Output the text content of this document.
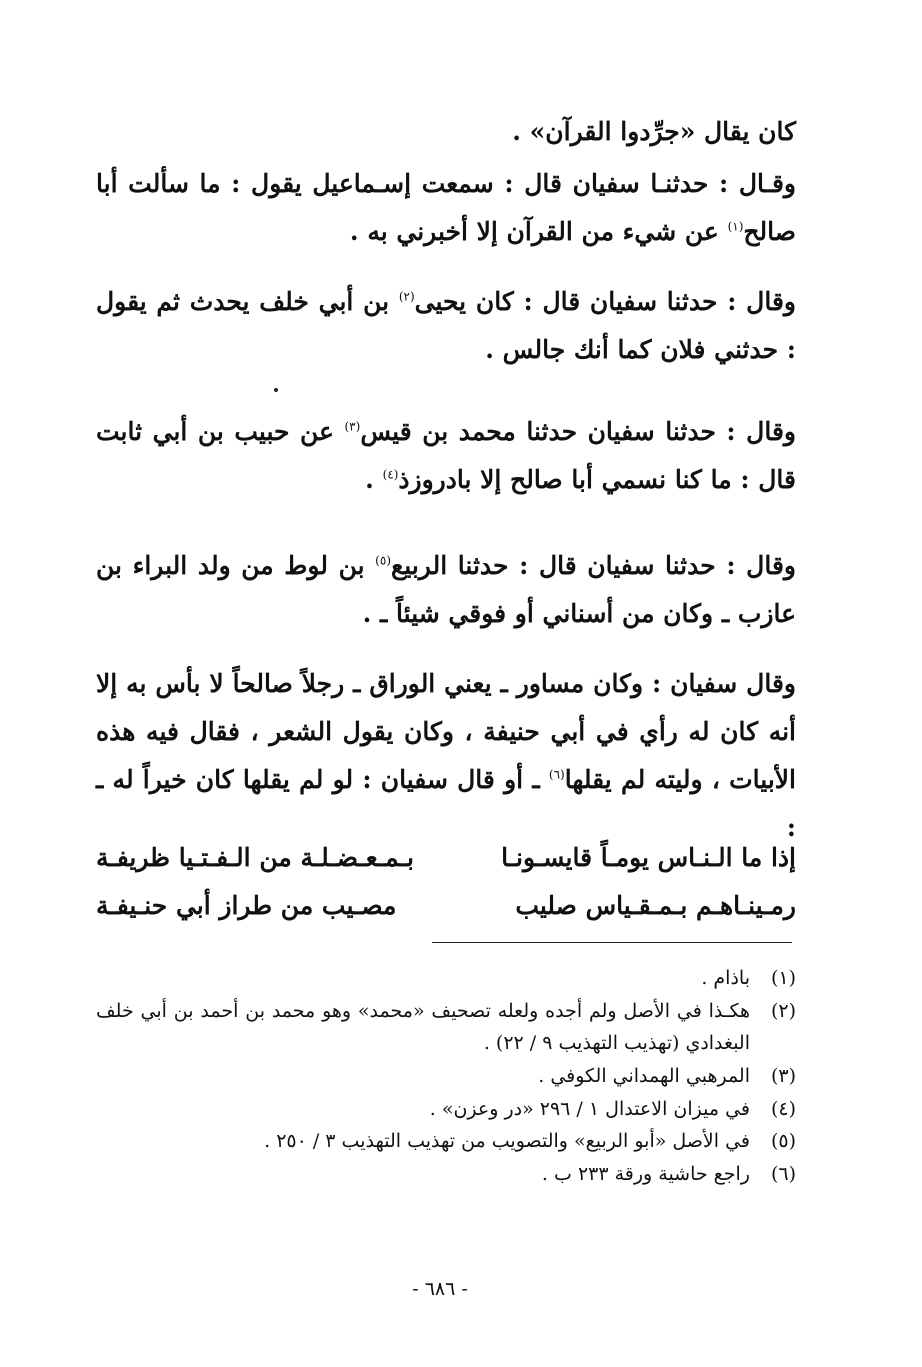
كان يقال «جرِّدوا القرآن» .

وقـال : حدثنـا سفيان قال : سمعت إسـماعيل يقول : ما سألت أبا صالح$^{(١)}$ عن شيء من القرآن إلا أخبرني به .

وقال : حدثنا سفيان قال : كان يحيى$^{(٢)}$ بن أبي خلف يحدث ثم يقول : حدثني فلان كما أنك جالس .

وقال : حدثنا سفيان حدثنا محمد بن قيس$^{(٣)}$ عن حبيب بن أبي ثابت قال : ما كنا نسمي أبا صالح إلا بادروزذ$^{(٤)}$ .

وقال : حدثنا سفيان قال : حدثنا الربيع$^{(٥)}$ بن لوط من ولد البراء بن عازب ـ وكان من أسناني أو فوقي شيئاً ـ .

وقال سفيان : وكان مساور ـ يعني الوراق ـ رجلاً صالحاً لا بأس به إلا أنه كان له رأي في أبي حنيفة ، وكان يقول الشعر ، فقال فيه هذه الأبيات ، وليته لم يقلها$^{(٦)}$ ـ أو قال سفيان : لو لم يقلها كان خيراً له ـ :

إذا ما الـنـاس يومـاً قايسـونـا
بـمـعـضـلـة من الـفـتـيا ظريفـة
رمـينـاهـم بـمـقـياس صليب
مصـيب من طراز أبي حنـيفـة
(١)
باذام .
(٢)
هكـذا في الأصل ولم أجده ولعله تصحيف «محمد» وهو محمد بن أحمد بن أبي خلف البغدادي (تهذيب التهذيب ٩ / ٢٢) .
(٣)
المرهبي الهمداني الكوفي .
(٤)
في ميزان الاعتدال ١ / ٢٩٦ «در وعزن» .
(٥)
في الأصل «أبو الربيع» والتصويب من تهذيب التهذيب ٣ / ٢٥٠ .
(٦)
راجع حاشية ورقة ٢٣٣ ب .
- ٦٨٦ -
